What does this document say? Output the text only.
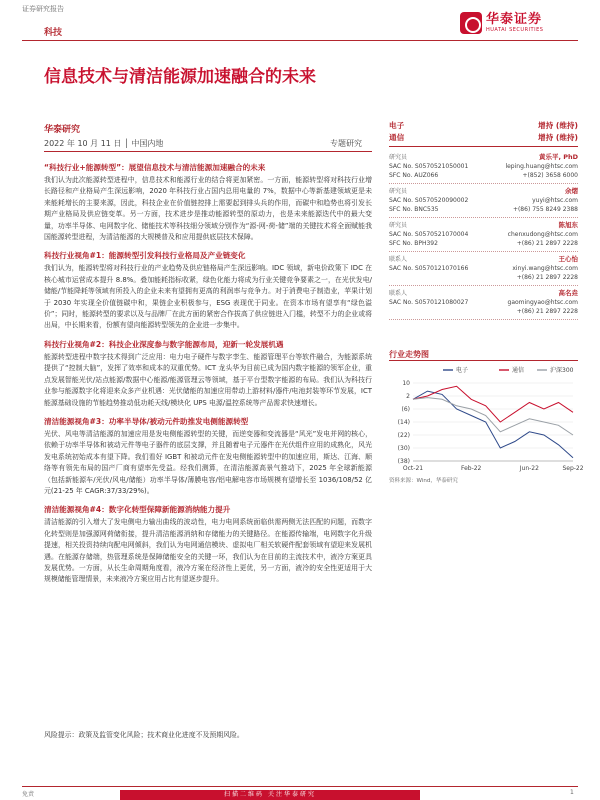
证券研究报告
科技
华泰证券
HUATAI SECURITIES
信息技术与清洁能源加速融合的未来
华泰研究
2022 年 10 月 11 日 │ 中国内地	专题研究
“科技行业+能源转型”：展望信息技术与清洁能源加速融合的未来
我们认为此次能源转型进程中，信息技术和能源行业的结合将更加紧密。一方面，能源转型将对科技行业增长路径和产业格局产生深远影响，2020 年科技行业占国内总用电量的 7%，数据中心等新基建领域更是未来能耗增长的主要来源，因此，科技企业在价值链控排上需要起到排头兵的作用，而碳中和趋势也将引发长期产业格局及供应链变革。另一方面，技术进步是推动能源转型的原动力，也是未来能源迭代中的最大变量，功率半导体、电网数字化、储能技术等科技细分领域分别作为“源-网-荷-储”端的关键技术将全面赋能我国能源转型进程，为清洁能源的大规模普及和应用提供底层技术保障。
科技行业视角#1：能源转型引发科技行业格局及产业链变化
我们认为，能源转型将对科技行业的产业趋势及供应链格局产生深远影响。IDC 领域，新电价政策下 IDC 在核心城市运营成本提升 8.8%。叠加能耗指标收紧，绿色化能力将成为行业关键竞争要素之一，在光伏发电/储能/节能降耗等领域有所投入的企业未来有望拥有更高的利润率与竞争力。对于消费电子制造业，苹果计划于 2030 年实现全价值链碳中和，果链企业积极参与，ESG 表现优于同业。在资本市场有望享有“绿色溢价”；同时，能源转型的要求以及与品牌厂在此方面的紧密合作拔高了供应链进入门槛，转型不力的企业或将出局，中长期来看，份额有望向能源转型领先的企业进一步集中。
科技行业视角#2：科技企业深度参与数字能源布局，迎新一轮发展机遇
能源转型进程中数字技术得到广泛应用：电力电子硬件与数字孪生、能源管理平台等软件融合，为能源系统提供了“控制大脑”，发挥了效率和成本的双重优势。ICT 龙头华为目前已成为国内数字能源的领军企业，重点发展智能光伏/站点能源/数据中心能源/能源管理云等领域，基于平台型数字能源的布局。我们认为科技行业参与能源数字化将迎来众多产业机遇：光伏储能的加速应用带动上游材料/器件/电池封装等环节发展，ICT 能源基础设施的节能趋势推动低功耗天线/模块化 UPS 电源/温控系统等产品需求快速增长。
清洁能源视角#3：功率半导体/被动元件助推发电侧能源转型
光伏、风电等清洁能源的加速应用是发电侧能源转型的关键，而逆变器和变流器是“风光”发电并网的核心，依赖于功率半导体和被动元件等电子器件的底层支撑，并且随着电子元器件在光伏组件应用的成熟化，风光发电系统初始成本有望下降。我们看好 IGBT 和被动元件在发电侧能源转型中的加速应用，斯达、江海、顺络等有领先布局的国产厂商有望率先受益。经我们测算，在清洁能源高景气推动下，2025 年全球新能源（包括新能源车/光伏/风电/储能）功率半导体/薄膜电容/铝电解电容市场规模有望增长至 1036/108/52 亿元(21-25 年 CAGR:37/33/29%)。
清洁能源视角#4：数字化转型保障新能源消纳能力提升
清洁能源的引入增大了发电侧电力输出曲线的波动性，电力电网系统面临供需两侧无法匹配的问题，而数字化转型则是加强源网荷储衔接，提升清洁能源消纳和存储能力的关键路径。在能源传输端，电网数字化升级提速，相关投资持续向配电网倾斜，我们认为电网通信模块、虚拟电厂相关软硬件配套领域有望迎来发展机遇。在能源存储端，热管理系统是保障储能安全的关键一环，我们认为在目前的主流技术中，液冷方案更具发展优势。一方面，从长生命周期角度看，液冷方案在经济性上更优，另一方面，液冷的安全性更适用于大规模储能管理情景，未来液冷方案应用占比有望逐步提升。
电子	增持 (维持)
通信	增持 (维持)
研究员	黄乐平, PhD
SAC No. S0570521050001	leping.huang@htsc.com
SFC No. AUZ066	+(852) 3658 6000
研究员	余熠
SAC No. S0570520090002	yuyi@htsc.com
SFC No. BNC535	+(86) 755 8249 2388
研究员	陈旭东
SAC No. S0570521070004	chenxudong@htsc.com
SFC No. BPH392	+(86) 21 2897 2228
联系人	王心怡
SAC No. S0570121070166	xinyi.wang@htsc.com
+(86) 21 2897 2228
联系人	高名垚
SAC No. S0570121080027	gaomingyao@htsc.com
+(86) 21 2897 2228
行业走势图
10
2
(6)
(14)
(22)
(30)
(38)
Oct-21	Feb-22	Jun-22	Sep-22
电子	通信	沪深300
资料来源：Wind，华泰研究
风险提示：政策及监管变化风险；技术商业化进度不及预期风险。
免责	扫描二维码 关注华泰研究	1
